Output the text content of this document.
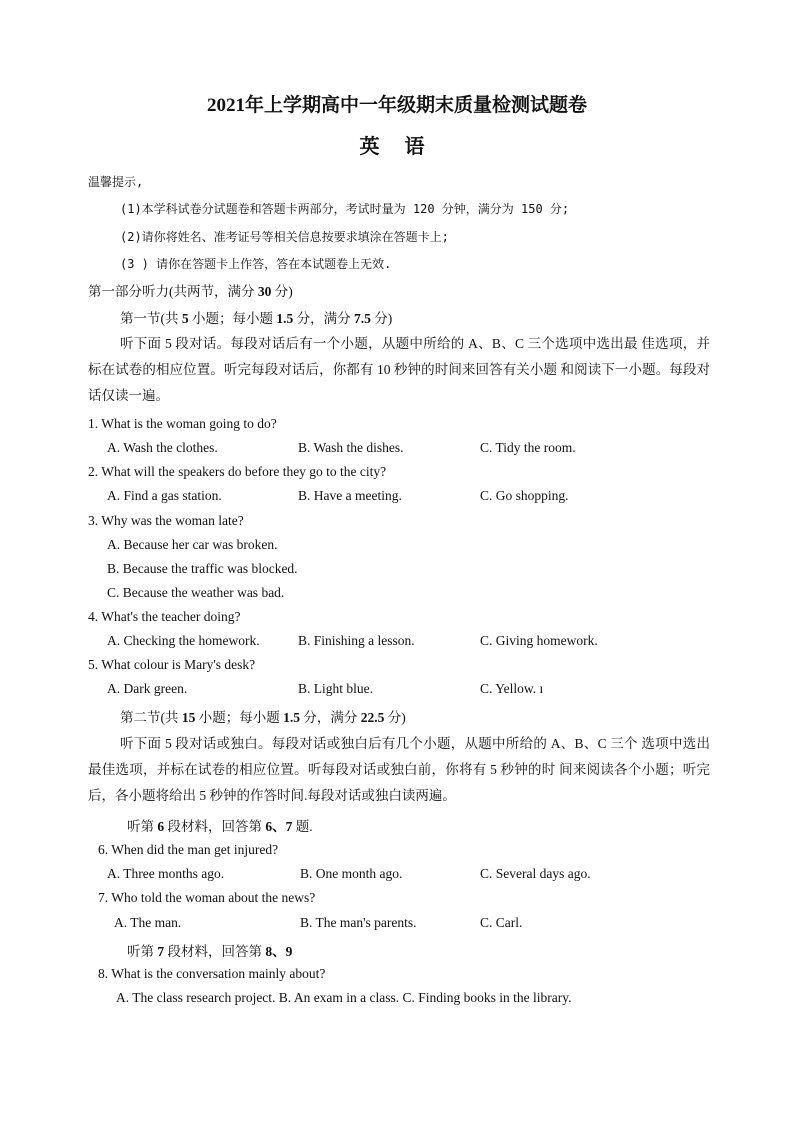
2021年上学期高中一年级期末质量检测试题卷
英 语
温馨提示,
(1)本学科试卷分试题卷和答题卡两部分，考试时量为 120 分钟，满分为 150 分;
(2)请你将姓名、准考证号等相关信息按要求填涂在答题卡上;
(3 ) 请你在答题卡上作答，答在本试题卷上无效.
第一部分听力(共两节，满分 30 分)
第一节(共 5 小题；每小题 1.5 分，满分 7.5 分)
听下面 5 段对话。每段对话后有一个小题，从题中所给的 A、B、C 三个选项中选出最 佳选项，并标在试卷的相应位置。听完每段对话后，你都有 10 秒钟的时间来回答有关小题 和阅读下一小题。每段对话仅读一遍。
1. What is the woman going to do?
A. Wash the clothes.	B. Wash the dishes.	C. Tidy the room.
2. What will the speakers do before they go to the city?
A. Find a gas station.	B. Have a meeting.	C. Go shopping.
3. Why was the woman late?
A. Because her car was broken.
B. Because the traffic was blocked.
C. Because the weather was bad.
4. What's the teacher doing?
A. Checking the homework.	B. Finishing a lesson.	C. Giving homework.
5. What colour is Mary's desk?
A. Dark green.	B. Light blue.	C. Yellow. ı
第二节(共 15 小题；每小题 1.5 分，满分 22.5 分)
听下面 5 段对话或独白。每段对话或独白后有几个小题，从题中所给的 A、B、C 三个 选项中选出最佳选项，并标在试卷的相应位置。听每段对话或独白前，你将有 5 秒钟的时 间来阅读各个小题；听完后，各小题将给出 5 秒钟的作答时间.每段对话或独白读两遍。
听第 6 段材料，回答第 6、7 题.
6. When did the man get injured?
A. Three months ago.	B. One month ago.	C. Several days ago.
7. Who told the woman about the news?
A. The man.	B. The man's parents.	C. Carl.
听第 7 段材料，回答第 8、9
8. What is the conversation mainly about?
A. The class research project. B. An exam in a class. C. Finding books in the library.
